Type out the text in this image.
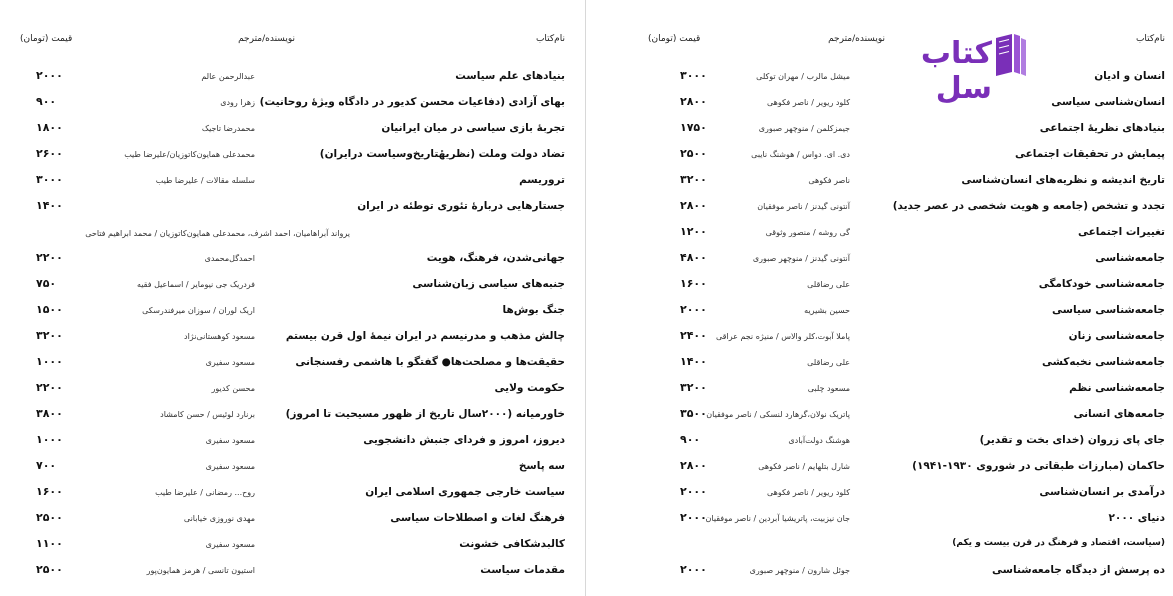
نام‌کتاب
نویسنده/مترجم
قیمت (تومان)
بنیادهای علم سیاست
عبدالرحمن عالم
۲۰۰۰
بهای آزادی (دفاعیات محسن کدیور در دادگاه ویژهٔ روحانیت)
زهرا رودی
۹۰۰
تجربهٔ بازی سیاسی در میان ایرانیان
محمدرضا تاجیک
۱۸۰۰
تضاد دولت وملت (نظریهٔتاریخ‌وسیاست درایران)
محمدعلی همایون‌کاتوزیان/علیرضا طیب
۲۶۰۰
تروریسم
سلسله مقالات / علیرضا طیب
۳۰۰۰
جستارهایی دربارهٔ تئوری توطئه در ایران
۱۴۰۰
یرواند آبراهامیان، احمد اشرف، محمدعلی همایون‌کاتوزیان / محمد ابراهیم فتاحی
جهانی‌شدن، فرهنگ، هویت
احمدگل‌محمدی
۲۲۰۰
جنبه‌های سیاسی زبان‌شناسی
فردریک جی نیومایر / اسماعیل فقیه
۷۵۰
جنگ بوش‌ها
اریک لوران / سوزان میرفندرسکی
۱۵۰۰
چالش مذهب و مدرنیسم در ایران نیمهٔ اول قرن بیستم
مسعود کوهستانی‌نژاد
۳۲۰۰
حقیقت‌ها و مصلحت‌ها● گفتگو با هاشمی رفسنجانی
مسعود سفیری
۱۰۰۰
حکومت ولایی
محسن کدیور
۲۲۰۰
خاورمیانه (۲۰۰۰سال تاریخ از ظهور مسیحیت تا امروز)
برنارد لوئیس / حسن کامشاد
۳۸۰۰
دیروز، امروز و فردای جنبش دانشجویی
مسعود سفیری
۱۰۰۰
سه پاسخ
مسعود سفیری
۷۰۰
سیاست خارجی جمهوری اسلامی ایران
روح‌... رمضانی / علیرضا طیب
۱۶۰۰
فرهنگ لغات و اصطلاحات سیاسی
مهدی نوروزی خیابانی
۲۵۰۰
کالبدشکافی خشونت
مسعود سفیری
۱۱۰۰
مقدمات سیاست
استیون تانسی / هرمز همایون‌پور
۲۵۰۰
نام‌کتاب
نویسنده/مترجم
قیمت (تومان)
انسان و ادیان
میشل مالرب / مهران توکلی
۳۰۰۰
انسان‌شناسی سیاسی
کلود ریویر / ناصر فکوهی
۲۸۰۰
بنیادهای نظریهٔ اجتماعی
جیمزکلمن / منوچهر صبوری
۱۷۵۰
پیمایش در تحقیقات اجتماعی
دی. ای. دواس / هوشنگ نایبی
۲۵۰۰
تاریخ اندیشه و نظریه‌های انسان‌شناسی
ناصر فکوهی
۳۲۰۰
تجدد و تشخص (جامعه و هویت شخصی در عصر جدید)
آنتونی گیدنز / ناصر موفقیان
۲۸۰۰
تغییرات اجتماعی
گی روشه / منصور وثوقی
۱۲۰۰
جامعه‌شناسی
آنتونی گیدنز / منوچهر صبوری
۴۸۰۰
جامعه‌شناسی خودکامگی
علی رضاقلی
۱۶۰۰
جامعه‌شناسی سیاسی
حسین بشیریه
۲۰۰۰
جامعه‌شناسی زنان
پاملا آبوت،کلر والاس / منیژه نجم عراقی
۲۴۰۰
جامعه‌شناسی نخبه‌کشی
علی رضاقلی
۱۴۰۰
جامعه‌شناسی نظم
مسعود چلبی
۳۲۰۰
جامعه‌های انسانی
پاتریک نولان،گرهارد لنسکی / ناصر موفقیان
۳۵۰۰
جای پای زروان (خدای بخت و تقدیر)
هوشنگ دولت‌آبادی
۹۰۰
حاکمان (مبارزات طبقاتی در شوروی ۱۹۳۰-۱۹۴۱)
شارل بتلهایم / ناصر فکوهی
۲۸۰۰
درآمدی بر انسان‌شناسی
کلود ریویر / ناصر فکوهی
۲۰۰۰
دنیای ۲۰۰۰
جان نیزبیت، پاتریشیا آبردین / ناصر موفقیان
۲۰۰۰
(سیاست، اقتصاد و فرهنگ در قرن بیست و یکم)
ده پرسش از دیدگاه جامعه‌شناسی
جوئل شارون / منوچهر صبوری
۲۰۰۰
کتاب سل
